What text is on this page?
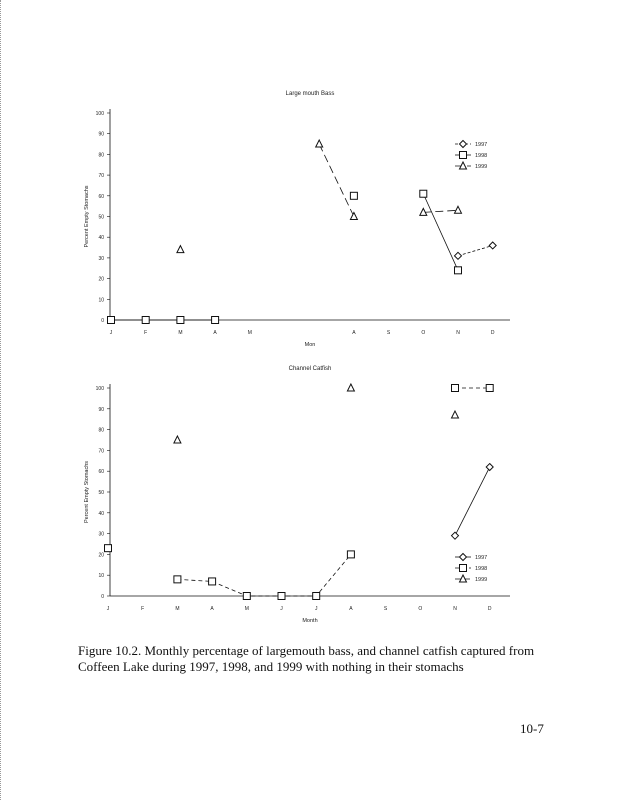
Large mouth Bass
0
10
20
30
40
50
60
70
80
90
100
J	F	M	A	M	A	S	O	N	D
Mon
Percent Empty Stomachs
1997
1998
1999
Channel Catfish
0
10
20
30
40
50
60
70
80
90
100
J	F	M	A	M	J	J	A	S	O	N	D
Month
Percent Empty Stomachs
1997
1998
1999
Figure 10.2. Monthly percentage of largemouth bass, and channel catfish captured from Coffeen Lake during 1997, 1998, and 1999 with nothing in their stomachs
10-7
